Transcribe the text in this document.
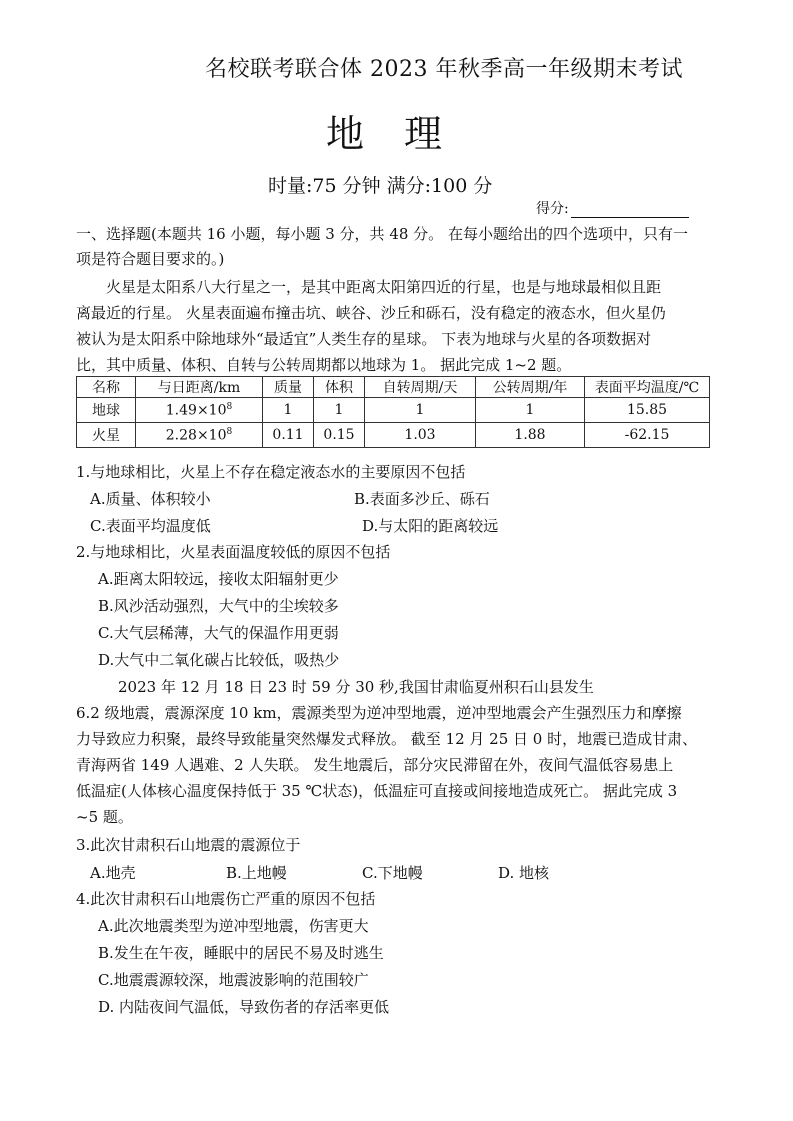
名校联考联合体 2023 年秋季高一年级期末考试
地理
时量:75 分钟 满分:100 分
得分:
一、选择题(本题共 16 小题，每小题 3 分，共 48 分。 在每小题给出的四个选项中，只有一
项是符合题目要求的。)
火星是太阳系八大行星之一，是其中距离太阳第四近的行星，也是与地球最相似且距
离最近的行星。 火星表面遍布撞击坑、峡谷、沙丘和砾石，没有稳定的液态水，但火星仍
被认为是太阳系中除地球外“最适宜”人类生存的星球。 下表为地球与火星的各项数据对
比，其中质量、体积、自转与公转周期都以地球为 1。 据此完成 1~2 题。
名称	与日距离/km	质量	体积	自转周期/天	公转周期/年	表面平均温度/℃
地球	$1.49\times 10^8$	1	1	1	1	15.85
火星	$2.28\times 10^8$	0.11	0.15	1.03	1.88	-62.15
1.与地球相比，火星上不存在稳定液态水的主要原因不包括
A.质量、体积较小	B.表面多沙丘、砾石
C.表面平均温度低	D.与太阳的距离较远
2.与地球相比，火星表面温度较低的原因不包括
A.距离太阳较远，接收太阳辐射更少
B.风沙活动强烈，大气中的尘埃较多
C.大气层稀薄，大气的保温作用更弱
D.大气中二氧化碳占比较低，吸热少
2023 年 12 月 18 日 23 时 59 分 30 秒,我国甘肃临夏州积石山县发生
6.2 级地震，震源深度 10 km，震源类型为逆冲型地震，逆冲型地震会产生强烈压力和摩擦
力导致应力积聚，最终导致能量突然爆发式释放。 截至 12 月 25 日 0 时，地震已造成甘肃、
青海两省 149 人遇难、2 人失联。 发生地震后，部分灾民滞留在外，夜间气温低容易患上
低温症(人体核心温度保持低于 35 ℃状态)，低温症可直接或间接地造成死亡。 据此完成 3
~5 题。
3.此次甘肃积石山地震的震源位于
A.地壳	B.上地幔	C.下地幔	D. 地核
4.此次甘肃积石山地震伤亡严重的原因不包括
A.此次地震类型为逆冲型地震，伤害更大
B.发生在午夜，睡眠中的居民不易及时逃生
C.地震震源较深，地震波影响的范围较广
D. 内陆夜间气温低，导致伤者的存活率更低
